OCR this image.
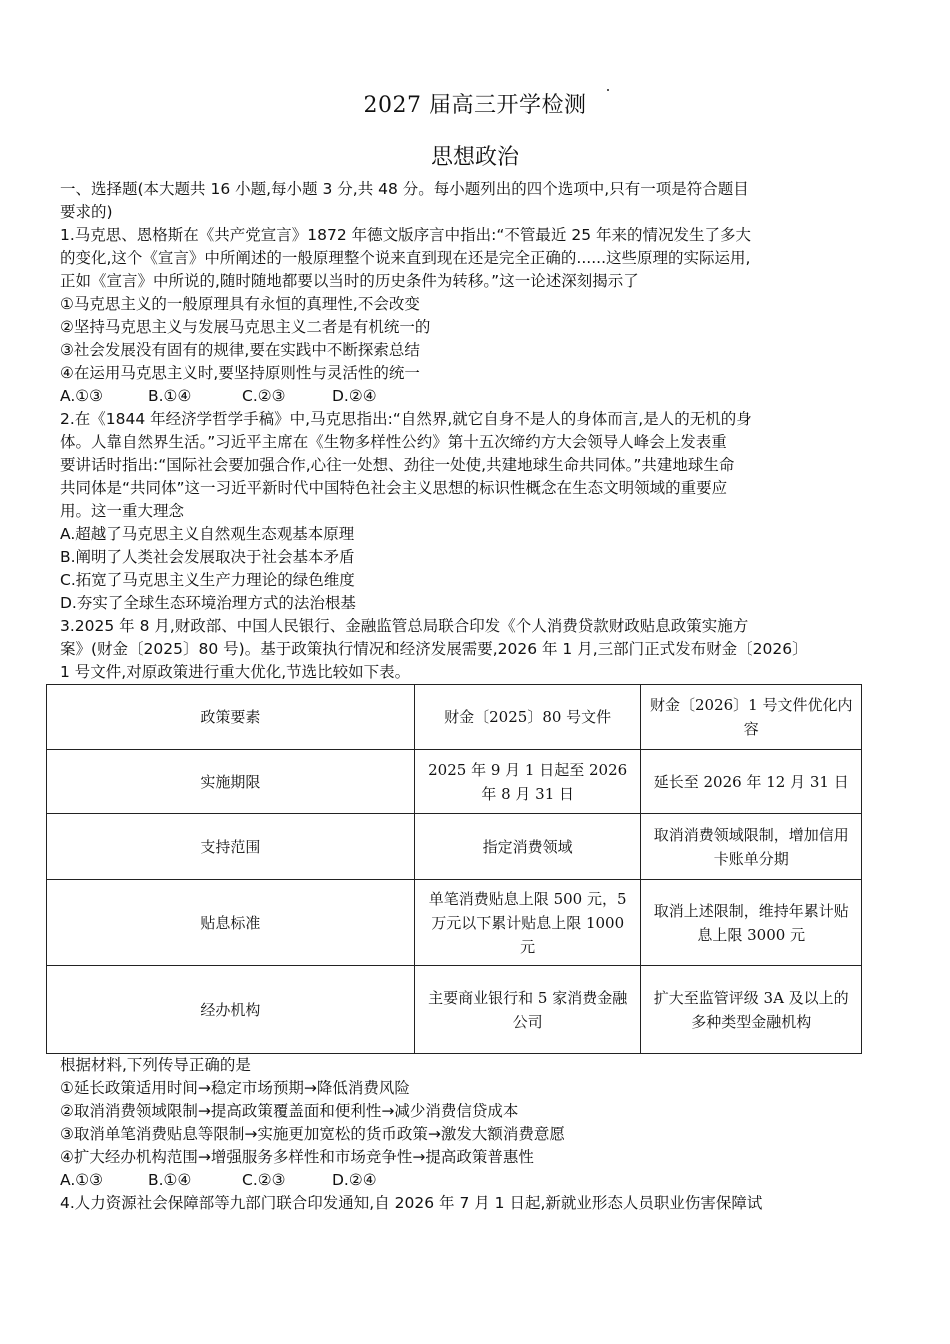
2027 届高三开学检测
思想政治

一、选择题(本大题共 16 小题,每小题 3 分,共 48 分。每小题列出的四个选项中,只有一项是符合题目

要求的)

1.马克思、恩格斯在《共产党宣言》1872 年德文版序言中指出:“不管最近 25 年来的情况发生了多大

的变化,这个《宣言》中所阐述的一般原理整个说来直到现在还是完全正确的......这些原理的实际运用,

正如《宣言》中所说的,随时随地都要以当时的历史条件为转移。”这一论述深刻揭示了

①马克思主义的一般原理具有永恒的真理性,不会改变

②坚持马克思主义与发展马克思主义二者是有机统一的

③社会发展没有固有的规律,要在实践中不断探索总结

④在运用马克思主义时,要坚持原则性与灵活性的统一

A.①③	B.①④	C.②③	D.②④

2.在《1844 年经济学哲学手稿》中,马克思指出:“自然界,就它自身不是人的身体而言,是人的无机的身

体。人靠自然界生活。”习近平主席在《生物多样性公约》第十五次缔约方大会领导人峰会上发表重

要讲话时指出:“国际社会要加强合作,心往一处想、劲往一处使,共建地球生命共同体。”共建地球生命

共同体是“共同体”这一习近平新时代中国特色社会主义思想的标识性概念在生态文明领域的重要应

用。这一重大理念

A.超越了马克思主义自然观生态观基本原理

B.阐明了人类社会发展取决于社会基本矛盾

C.拓宽了马克思主义生产力理论的绿色维度

D.夯实了全球生态环境治理方式的法治根基

3.2025 年 8 月,财政部、中国人民银行、金融监管总局联合印发《个人消费贷款财政贴息政策实施方

案》(财金〔2025〕80 号)。基于政策执行情况和经济发展需要,2026 年 1 月,三部门正式发布财金〔2026〕

1 号文件,对原政策进行重大优化,节选比较如下表。

政策要素	财金〔2025〕80 号文件	财金〔2026〕1 号文件优化内容
实施期限	2025 年 9 月 1 日起至 2026 年 8 月 31 日	延长至 2026 年 12 月 31 日
支持范围	指定消费领域	取消消费领域限制，增加信用卡账单分期
贴息标准	单笔消费贴息上限 500 元，5 万元以下累计贴息上限 1000 元	取消上述限制，维持年累计贴息上限 3000 元
经办机构	主要商业银行和 5 家消费金融公司	扩大至监管评级 3A 及以上的多种类型金融机构

根据材料,下列传导正确的是

①延长政策适用时间→稳定市场预期→降低消费风险

②取消消费领域限制→提高政策覆盖面和便利性→减少消费信贷成本

③取消单笔消费贴息等限制→实施更加宽松的货币政策→激发大额消费意愿

④扩大经办机构范围→增强服务多样性和市场竞争性→提高政策普惠性

A.①③	B.①④	C.②③	D.②④

4.人力资源社会保障部等九部门联合印发通知,自 2026 年 7 月 1 日起,新就业形态人员职业伤害保障试
